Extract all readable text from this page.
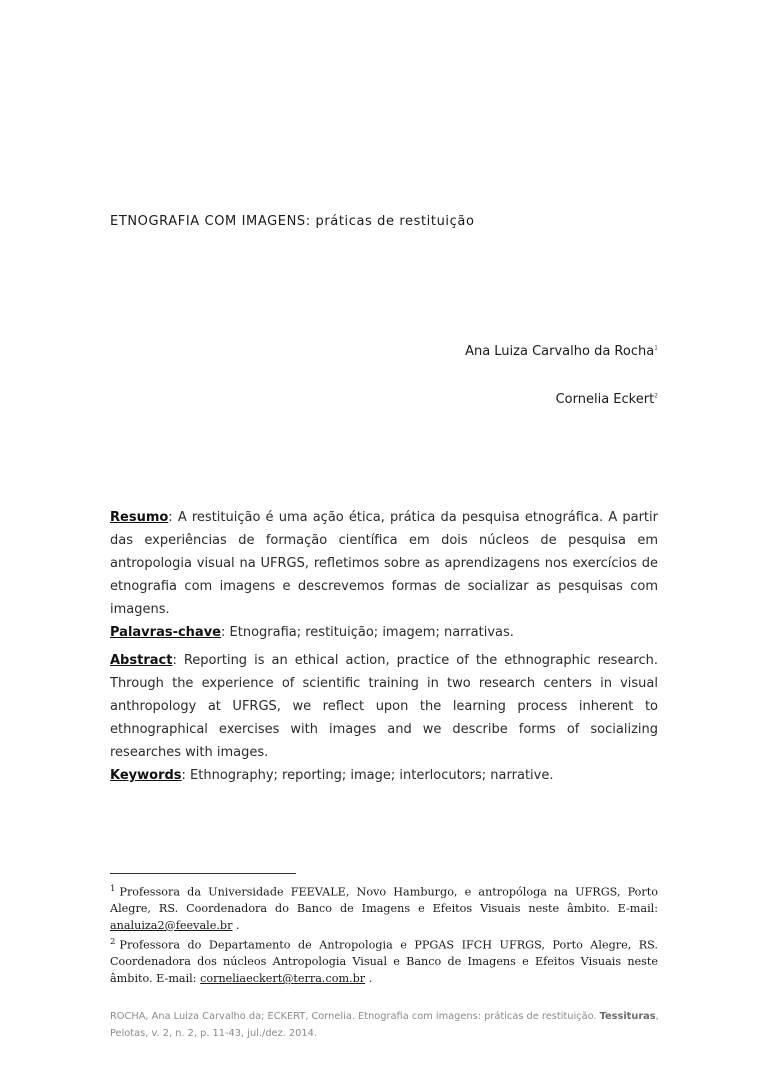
ETNOGRAFIA COM IMAGENS: práticas de restituição
Ana Luiza Carvalho da Rocha$^1$
Cornelia Eckert$^2$
Resumo: A restituição é uma ação ética, prática da pesquisa etnográfica. A partir das experiências de formação científica em dois núcleos de pesquisa em antropologia visual na UFRGS, refletimos sobre as aprendizagens nos exercícios de etnografia com imagens e descrevemos formas de socializar as pesquisas com imagens.
Palavras-chave: Etnografia; restituição; imagem; narrativas.
Abstract: Reporting is an ethical action, practice of the ethnographic research. Through the experience of scientific training in two research centers in visual anthropology at UFRGS, we reflect upon the learning process inherent to ethnographical exercises with images and we describe forms of socializing researches with images.
Keywords: Ethnography; reporting; image; interlocutors; narrative.

$^1$ Professora da Universidade FEEVALE, Novo Hamburgo, e antropóloga na UFRGS, Porto Alegre, RS. Coordenadora do Banco de Imagens e Efeitos Visuais neste âmbito. E-mail: analuiza2@feevale.br .

$^2$ Professora do Departamento de Antropologia e PPGAS IFCH UFRGS, Porto Alegre, RS. Coordenadora dos núcleos Antropologia Visual e Banco de Imagens e Efeitos Visuais neste âmbito. E-mail: corneliaeckert@terra.com.br .

ROCHA, Ana Luiza Carvalho da; ECKERT, Cornelia. Etnografia com imagens: práticas de restituição. Tessituras, Pelotas, v. 2, n. 2, p. 11-43, jul./dez. 2014.
